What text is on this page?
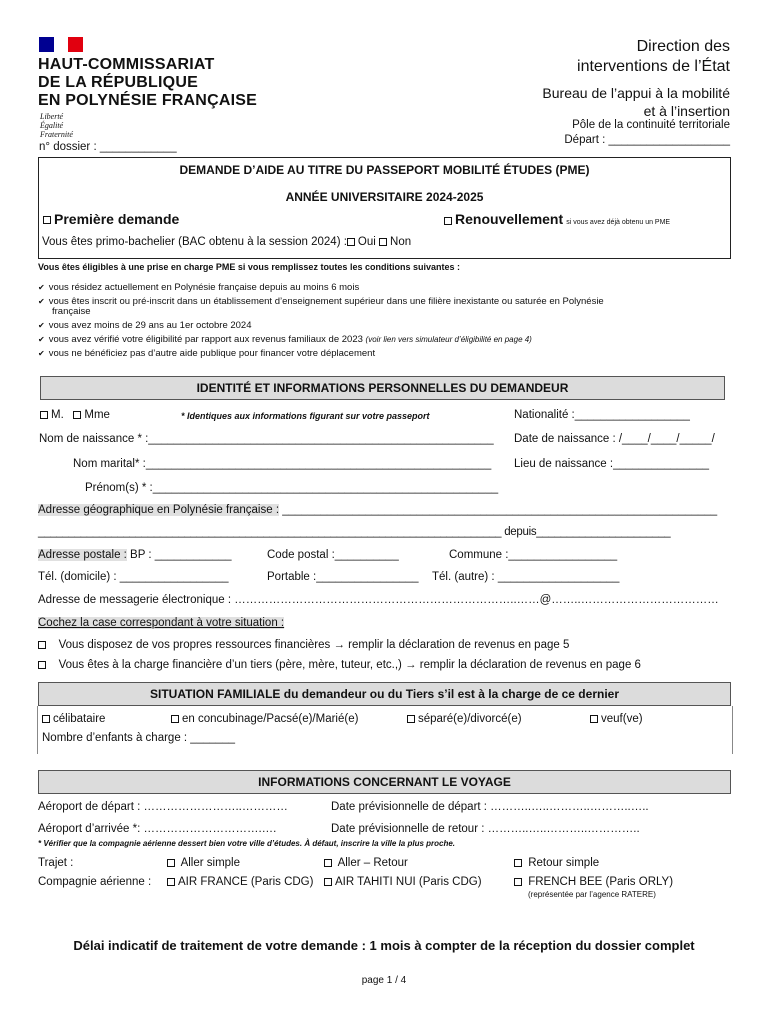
HAUT-COMMISSARIAT
DE LA RÉPUBLIQUE
EN POLYNÉSIE FRANÇAISE
Liberté
Égalité
Fraternité
n° dossier : ____________
Direction des
interventions de l’État
Bureau de l’appui à la mobilité
et à l’insertion
Pôle de la continuité territoriale
Départ : ___________________
DEMANDE D’AIDE AU TITRE DU PASSEPORT MOBILITÉ ÉTUDES (PME)
ANNÉE UNIVERSITAIRE 2024-2025
Première demande	Renouvellement si vous avez déjà obtenu un PME
Vous êtes primo-bachelier (BAC obtenu à la session 2024) : Oui Non
Vous êtes éligibles à une prise en charge PME si vous remplissez toutes les conditions suivantes :
✔ vous résidez actuellement en Polynésie française depuis au moins 6 mois
✔ vous êtes inscrit ou pré-inscrit dans un établissement d’enseignement supérieur dans une filière inexistante ou saturée en Polynésie
française
✔ vous avez moins de 29 ans au 1er octobre 2024
✔ vous avez vérifié votre éligibilité par rapport aux revenus familiaux de 2023 (voir lien vers simulateur d’éligibilité en page 4)
✔ vous ne bénéficiez pas d’autre aide publique pour financer votre déplacement
IDENTITÉ ET INFORMATIONS PERSONNELLES DU DEMANDEUR
M. Mme	* Identiques aux informations figurant sur votre passeport	Nationalité :__________________
Nom de naissance * :______________________________________________________ Date de naissance : /____/____/_____/
Nom marital* :______________________________________________________ Lieu de naissance :_______________
Prénom(s) * :______________________________________________________
Adresse géographique en Polynésie française : ____________________________________________________________________
____________________________________________________________________________ depuis______________________
Adresse postale : BP : ____________	Code postal :__________	Commune :_________________
Tél. (domicile) : _________________	Portable :________________ Tél. (autre) : ___________________
Adresse de messagerie électronique : ………………………………………………………………..……@……..………………………………
Cochez la case correspondant à votre situation :
Vous disposez de vos propres ressources financières → remplir la déclaration de revenus en page 5
Vous êtes à la charge financière d’un tiers (père, mère, tuteur, etc.,) → remplir la déclaration de revenus en page 6
SITUATION FAMILIALE du demandeur ou du Tiers s’il est à la charge de ce dernier
célibataire	en concubinage/Pacsé(e)/Marié(e)	séparé(e)/divorcé(e)	veuf(ve)
Nombre d’enfants à charge : _______
INFORMATIONS CONCERNANT LE VOYAGE
Aéroport de départ : ……………………..…………	Date prévisionnelle de départ : ………..…..………..………..…..
Aéroport d’arrivée *: ………………………….….	Date prévisionnelle de retour : ………..…..………..…………..
* Vérifier que la compagnie aérienne dessert bien votre ville d’études. À défaut, inscrire la ville la plus proche.
Trajet :	Aller simple	Aller – Retour	Retour simple
Compagnie aérienne :	AIR FRANCE (Paris CDG)	AIR TAHITI NUI (Paris CDG)	FRENCH BEE (Paris ORLY)
(représentée par l’agence RATERE)
Délai indicatif de traitement de votre demande : 1 mois à compter de la réception du dossier complet
page 1 / 4
